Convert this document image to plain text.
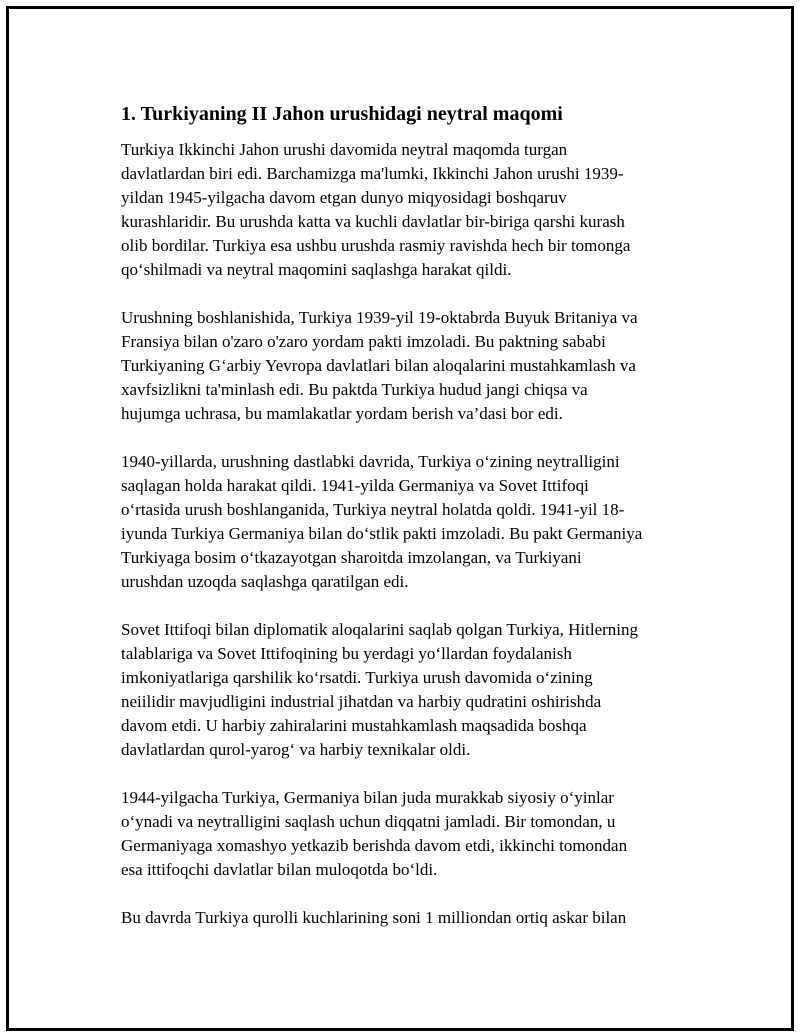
1. Turkiyaning II Jahon urushidagi neytral maqomi

Turkiya Ikkinchi Jahon urushi davomida neytral maqomda turgan
davlatlardan biri edi. Barchamizga ma'lumki, Ikkinchi Jahon urushi 1939-
yildan 1945-yilgacha davom etgan dunyo miqyosidagi boshqaruv
kurashlaridir. Bu urushda katta va kuchli davlatlar bir-biriga qarshi kurash
olib bordilar. Turkiya esa ushbu urushda rasmiy ravishda hech bir tomonga
qo‘shilmadi va neytral maqomini saqlashga harakat qildi.

Urushning boshlanishida, Turkiya 1939-yil 19-oktabrda Buyuk Britaniya va
Fransiya bilan o'zaro o'zaro yordam pakti imzoladi. Bu paktning sababi
Turkiyaning G‘arbiy Yevropa davlatlari bilan aloqalarini mustahkamlash va
xavfsizlikni ta'minlash edi. Bu paktda Turkiya hudud jangi chiqsa va
hujumga uchrasa, bu mamlakatlar yordam berish va’dasi bor edi.

1940-yillarda, urushning dastlabki davrida, Turkiya o‘zining neytralligini
saqlagan holda harakat qildi. 1941-yilda Germaniya va Sovet Ittifoqi
o‘rtasida urush boshlanganida, Turkiya neytral holatda qoldi. 1941-yil 18-
iyunda Turkiya Germaniya bilan do‘stlik pakti imzoladi. Bu pakt Germaniya
Turkiyaga bosim o‘tkazayotgan sharoitda imzolangan, va Turkiyani
urushdan uzoqda saqlashga qaratilgan edi.

Sovet Ittifoqi bilan diplomatik aloqalarini saqlab qolgan Turkiya, Hitlerning
talablariga va Sovet Ittifoqining bu yerdagi yo‘llardan foydalanish
imkoniyatlariga qarshilik ko‘rsatdi. Turkiya urush davomida o‘zining
neiilidir mavjudligini industrial jihatdan va harbiy qudratini oshirishda
davom etdi. U harbiy zahiralarini mustahkamlash maqsadida boshqa
davlatlardan qurol-yarog‘ va harbiy texnikalar oldi.

1944-yilgacha Turkiya, Germaniya bilan juda murakkab siyosiy o‘yinlar
o‘ynadi va neytralligini saqlash uchun diqqatni jamladi. Bir tomondan, u
Germaniyaga xomashyo yetkazib berishda davom etdi, ikkinchi tomondan
esa ittifoqchi davlatlar bilan muloqotda bo‘ldi.

Bu davrda Turkiya qurolli kuchlarining soni 1 milliondan ortiq askar bilan
